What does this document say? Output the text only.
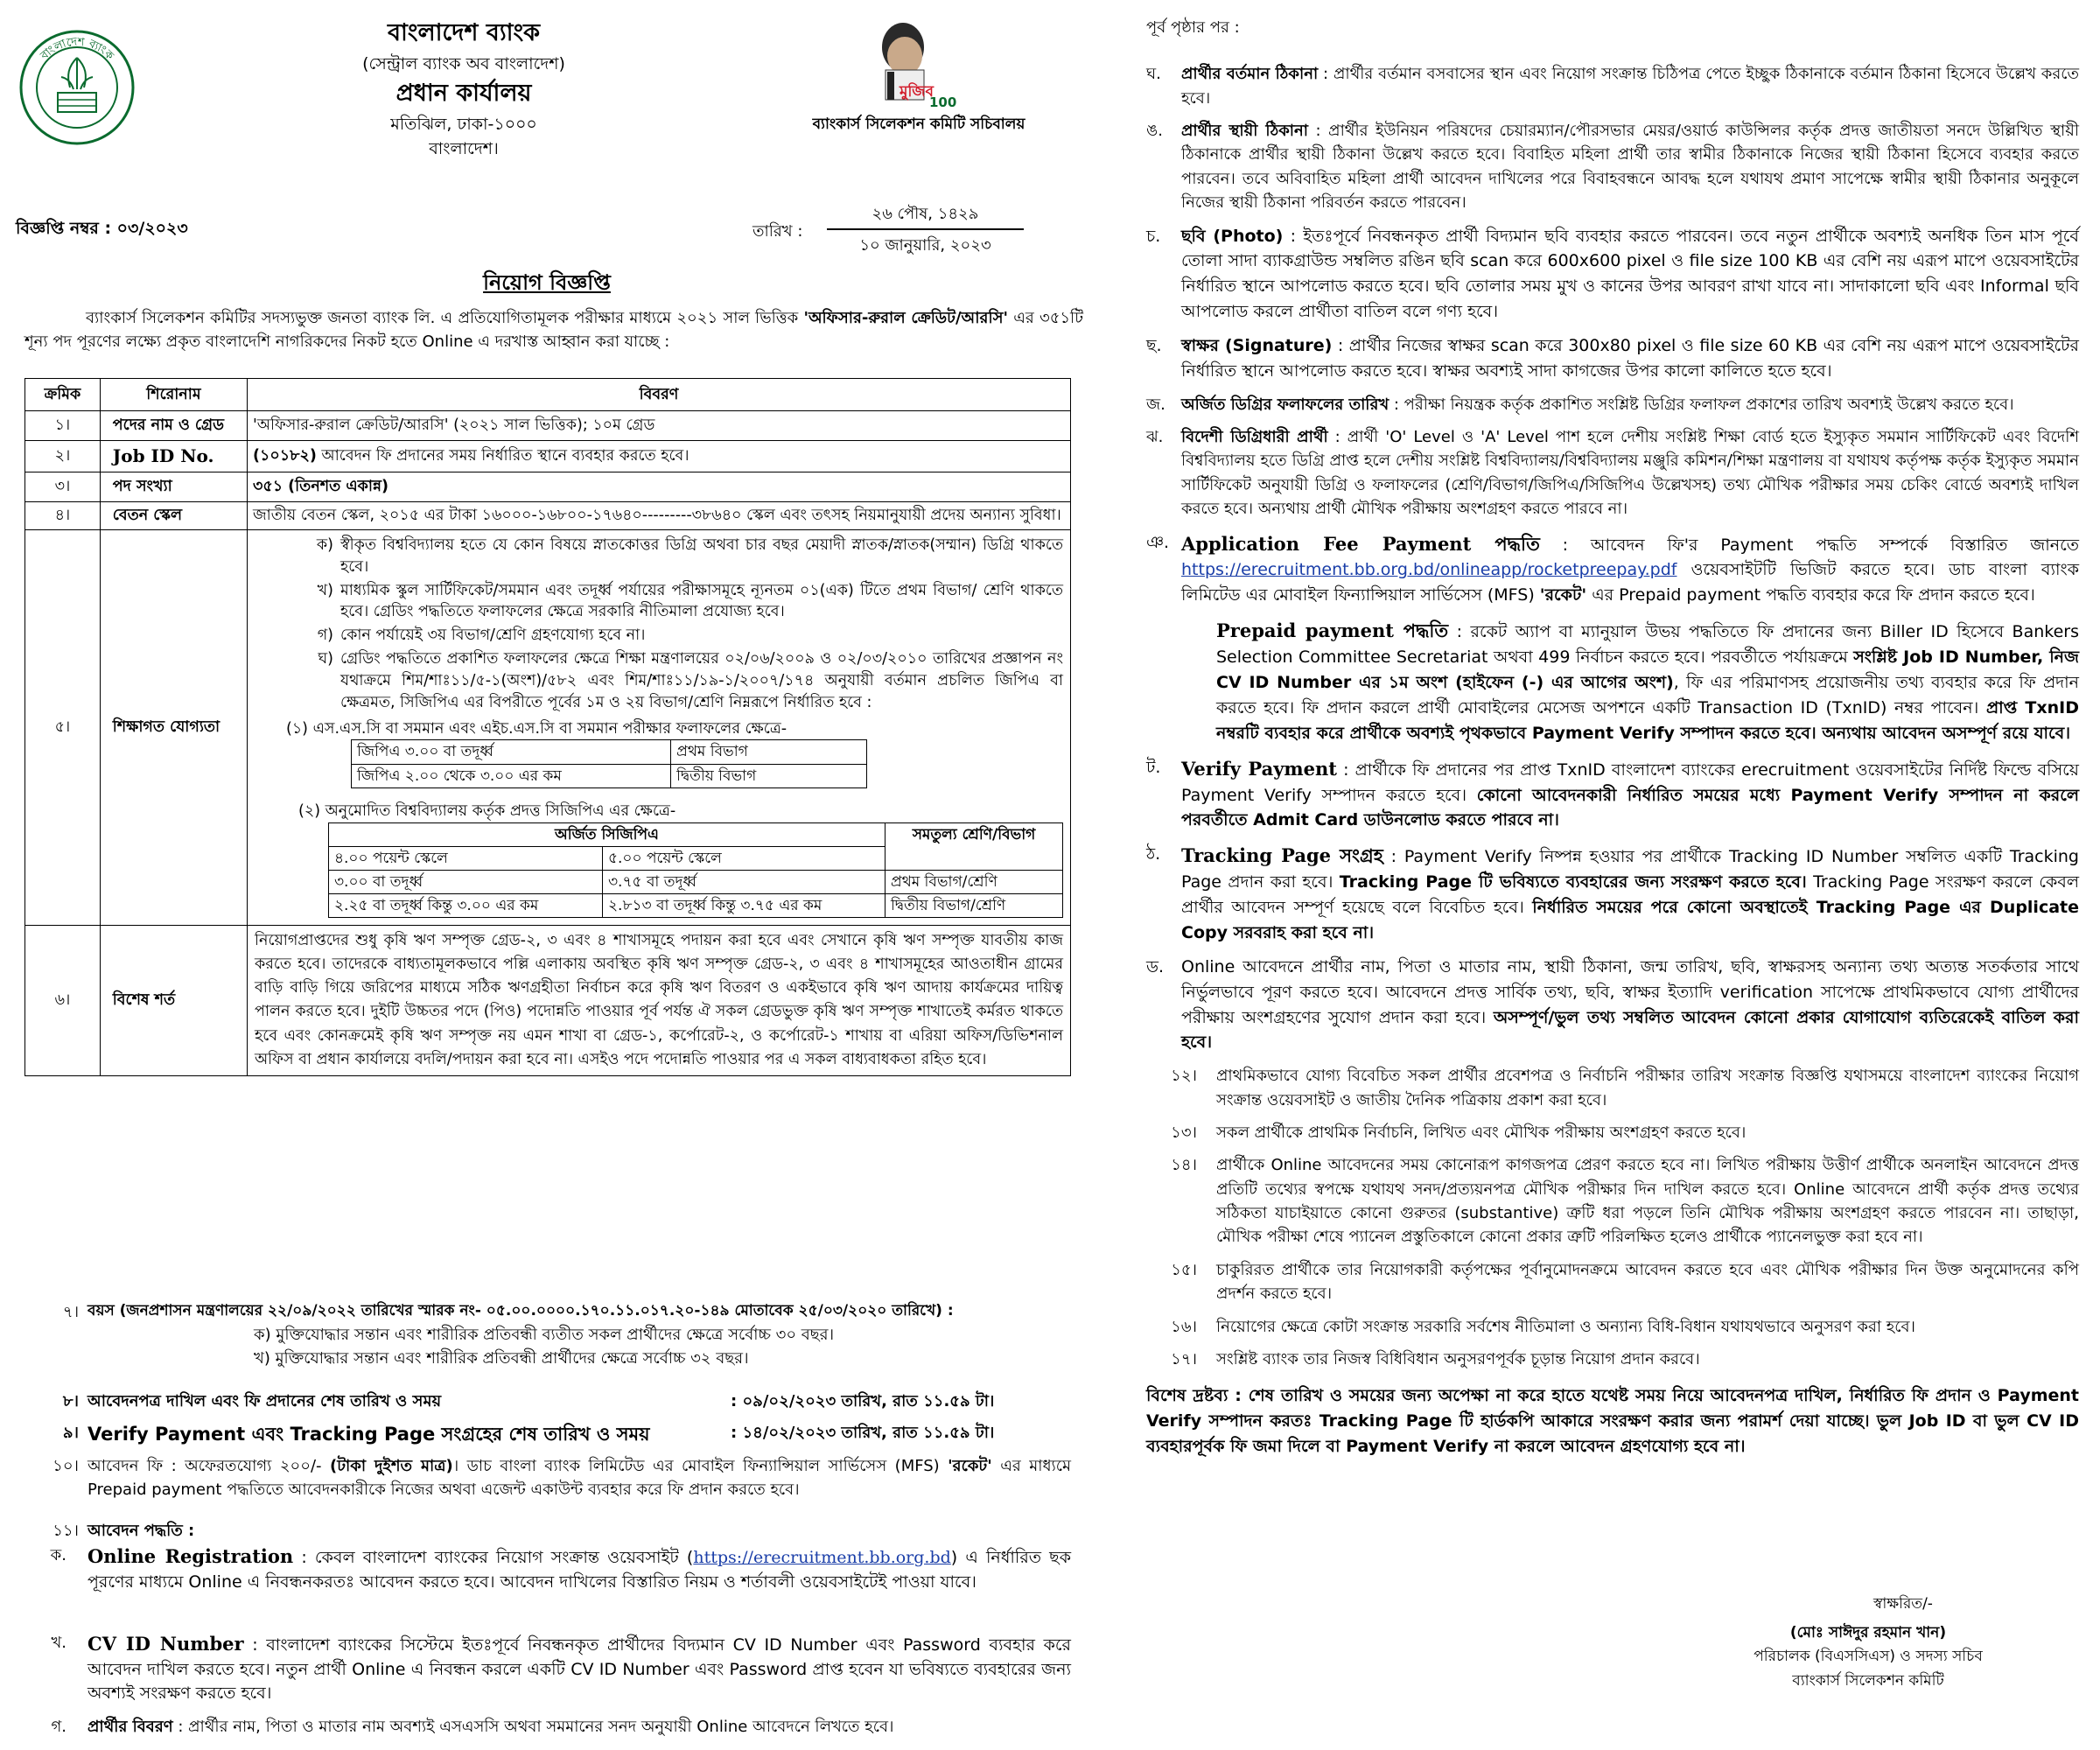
বাংলাদেশ ব্যাংক
বাংলাদেশ ব্যাংক
(সেন্ট্রাল ব্যাংক অব বাংলাদেশ)
প্রধান কার্যালয়
মতিঝিল, ঢাকা-১০০০
বাংলাদেশ।
মুজিব
100
ব্যাংকার্স সিলেকশন কমিটি সচিবালয়
বিজ্ঞপ্তি নম্বর : ০৩/২০২৩	তারিখ :
২৬ পৌষ, ১৪২৯
১০ জানুয়ারি, ২০২৩
নিয়োগ বিজ্ঞপ্তি

ব্যাংকার্স সিলেকশন কমিটির সদস্যভুক্ত জনতা ব্যাংক লি. এ প্রতিযোগিতামূলক পরীক্ষার মাধ্যমে ২০২১ সাল ভিত্তিক 'অফিসার-রুরাল ক্রেডিট/আরসি' এর ৩৫১টি শূন্য পদ পূরণের লক্ষ্যে প্রকৃত বাংলাদেশি নাগরিকদের নিকট হতে Online এ দরখাস্ত আহ্বান করা যাচ্ছে :

ক্রমিক	শিরোনাম	বিবরণ
১।	পদের নাম ও গ্রেড	'অফিসার-রুরাল ক্রেডিট/আরসি' (২০২১ সাল ভিত্তিক); ১০ম গ্রেড
২।	Job ID No.	(১০১৮২) আবেদন ফি প্রদানের সময় নির্ধারিত স্থানে ব্যবহার করতে হবে।
৩।	পদ সংখ্যা	৩৫১ (তিনশত একান্ন)
৪।	বেতন স্কেল	জাতীয় বেতন স্কেল, ২০১৫ এর টাকা ১৬০০০-১৬৮০০-১৭৬৪০---------৩৮৬৪০ স্কেল এবং তৎসহ নিয়মানুযায়ী প্রদেয় অন্যান্য সুবিধা।
৫।	শিক্ষাগত যোগ্যতা	
ক) স্বীকৃত বিশ্ববিদ্যালয় হতে যে কোন বিষয়ে স্নাতকোত্তর ডিগ্রি অথবা চার বছর মেয়াদী স্নাতক/স্নাতক(সম্মান) ডিগ্রি থাকতে হবে।
খ) মাধ্যমিক স্কুল সার্টিফিকেট/সমমান এবং তদূর্ধ্ব পর্যায়ের পরীক্ষাসমূহে ন্যূনতম ০১(এক) টিতে প্রথম বিভাগ/ শ্রেণি থাকতে হবে। গ্রেডিং পদ্ধতিতে ফলাফলের ক্ষেত্রে সরকারি নীতিমালা প্রযোজ্য হবে।
গ) কোন পর্যায়েই ৩য় বিভাগ/শ্রেণি গ্রহণযোগ্য হবে না।
ঘ) গ্রেডিং পদ্ধতিতে প্রকাশিত ফলাফলের ক্ষেত্রে শিক্ষা মন্ত্রণালয়ের ০২/০৬/২০০৯ ও ০২/০৩/২০১০ তারিখের প্রজ্ঞাপন নং যথাক্রমে শিম/শাঃ১১/৫-১(অংশ)/৫৮২ এবং শিম/শাঃ১১/১৯-১/২০০৭/১৭৪ অনুযায়ী বর্তমান প্রচলিত জিপিএ বা ক্ষেত্রমত, সিজিপিএ এর বিপরীতে পূর্বের ১ম ও ২য় বিভাগ/শ্রেণি নিম্নরূপে নির্ধারিত হবে :
(১) এস.এস.সি বা সমমান এবং এইচ.এস.সি বা সমমান পরীক্ষার ফলাফলের ক্ষেত্রে-
জিপিএ ৩.০০ বা তদূর্ধ্ব	প্রথম বিভাগ
জিপিএ ২.০০ থেকে ৩.০০ এর কম	দ্বিতীয় বিভাগ
(২) অনুমোদিত বিশ্ববিদ্যালয় কর্তৃক প্রদত্ত সিজিপিএ এর ক্ষেত্রে-
অর্জিত সিজিপিএ	সমতুল্য শ্রেণি/বিভাগ
৪.০০ পয়েন্ট স্কেলে	৫.০০ পয়েন্ট স্কেলে
৩.০০ বা তদূর্ধ্ব	৩.৭৫ বা তদূর্ধ্ব	প্রথম বিভাগ/শ্রেণি
২.২৫ বা তদূর্ধ্ব কিন্তু ৩.০০ এর কম	২.৮১৩ বা তদূর্ধ্ব কিন্তু ৩.৭৫ এর কম	দ্বিতীয় বিভাগ/শ্রেণি

৬।	বিশেষ শর্ত	নিয়োগপ্রাপ্তদের শুধু কৃষি ঋণ সম্পৃক্ত গ্রেড-২, ৩ এবং ৪ শাখাসমূহে পদায়ন করা হবে এবং সেখানে কৃষি ঋণ সম্পৃক্ত যাবতীয় কাজ করতে হবে। তাদেরকে বাধ্যতামূলকভাবে পল্লি এলাকায় অবস্থিত কৃষি ঋণ সম্পৃক্ত গ্রেড-২, ৩ এবং ৪ শাখাসমূহের আওতাধীন গ্রামের বাড়ি বাড়ি গিয়ে জরিপের মাধ্যমে সঠিক ঋণগ্রহীতা নির্বাচন করে কৃষি ঋণ বিতরণ ও একইভাবে কৃষি ঋণ আদায় কার্যক্রমের দায়িত্ব পালন করতে হবে। দুইটি উচ্চতর পদে (পিও) পদোন্নতি পাওয়ার পূর্ব পর্যন্ত ঐ সকল গ্রেডভুক্ত কৃষি ঋণ সম্পৃক্ত শাখাতেই কর্মরত থাকতে হবে এবং কোনক্রমেই কৃষি ঋণ সম্পৃক্ত নয় এমন শাখা বা গ্রেড-১, কর্পোরেট-২, ও কর্পোরেট-১ শাখায় বা এরিয়া অফিস/ডিভিশনাল অফিস বা প্রধান কার্যালয়ে বদলি/পদায়ন করা হবে না। এসইও পদে পদোন্নতি পাওয়ার পর এ সকল বাধ্যবাধকতা রহিত হবে।
৭। বয়স (জনপ্রশাসন মন্ত্রণালয়ের ২২/০৯/২০২২ তারিখের স্মারক নং- ০৫.০০.০০০০.১৭০.১১.০১৭.২০-১৪৯ মোতাবেক ২৫/০৩/২০২০ তারিখে) :
ক) মুক্তিযোদ্ধার সন্তান এবং শারীরিক প্রতিবন্ধী ব্যতীত সকল প্রার্থীদের ক্ষেত্রে সর্বোচ্চ ৩০ বছর।
খ) মুক্তিযোদ্ধার সন্তান এবং শারীরিক প্রতিবন্ধী প্রার্থীদের ক্ষেত্রে সর্বোচ্চ ৩২ বছর।
৮। আবেদনপত্র দাখিল এবং ফি প্রদানের শেষ তারিখ ও সময়	: ০৯/০২/২০২৩ তারিখ, রাত ১১.৫৯ টা।
৯। Verify Payment এবং Tracking Page সংগ্রহের শেষ তারিখ ও সময়	: ১৪/০২/২০২৩ তারিখ, রাত ১১.৫৯ টা।
১০। আবেদন ফি : অফেরতযোগ্য ২০০/- (টাকা দুইশত মাত্র)। ডাচ বাংলা ব্যাংক লিমিটেড এর মোবাইল ফিন্যান্সিয়াল সার্ভিসেস (MFS) 'রকেট' এর মাধ্যমে Prepaid payment পদ্ধতিতে আবেদনকারীকে নিজের অথবা এজেন্ট একাউন্ট ব্যবহার করে ফি প্রদান করতে হবে।
১১। আবেদন পদ্ধতি :
ক. Online Registration : কেবল বাংলাদেশ ব্যাংকের নিয়োগ সংক্রান্ত ওয়েবসাইট (https://erecruitment.bb.org.bd) এ নির্ধারিত ছক পূরণের মাধ্যমে Online এ নিবন্ধনকরতঃ আবেদন করতে হবে। আবেদন দাখিলের বিস্তারিত নিয়ম ও শর্তাবলী ওয়েবসাইটেই পাওয়া যাবে।
খ. CV ID Number : বাংলাদেশ ব্যাংকের সিস্টেমে ইতঃপূর্বে নিবন্ধনকৃত প্রার্থীদের বিদ্যমান CV ID Number এবং Password ব্যবহার করে আবেদন দাখিল করতে হবে। নতুন প্রার্থী Online এ নিবন্ধন করলে একটি CV ID Number এবং Password প্রাপ্ত হবেন যা ভবিষ্যতে ব্যবহারের জন্য অবশ্যই সংরক্ষণ করতে হবে।
গ. প্রার্থীর বিবরণ : প্রার্থীর নাম, পিতা ও মাতার নাম অবশ্যই এসএসসি অথবা সমমানের সনদ অনুযায়ী Online আবেদনে লিখতে হবে।
পূর্ব পৃষ্ঠার পর :
ঘ. প্রার্থীর বর্তমান ঠিকানা : প্রার্থীর বর্তমান বসবাসের স্থান এবং নিয়োগ সংক্রান্ত চিঠিপত্র পেতে ইচ্ছুক ঠিকানাকে বর্তমান ঠিকানা হিসেবে উল্লেখ করতে হবে।
ঙ. প্রার্থীর স্থায়ী ঠিকানা : প্রার্থীর ইউনিয়ন পরিষদের চেয়ারম্যান/পৌরসভার মেয়র/ওয়ার্ড কাউন্সিলর কর্তৃক প্রদত্ত জাতীয়তা সনদে উল্লিখিত স্থায়ী ঠিকানাকে প্রার্থীর স্থায়ী ঠিকানা উল্লেখ করতে হবে। বিবাহিত মহিলা প্রার্থী তার স্বামীর ঠিকানাকে নিজের স্থায়ী ঠিকানা হিসেবে ব্যবহার করতে পারবেন। তবে অবিবাহিত মহিলা প্রার্থী আবেদন দাখিলের পরে বিবাহবন্ধনে আবদ্ধ হলে যথাযথ প্রমাণ সাপেক্ষে স্বামীর স্থায়ী ঠিকানার অনুকূলে নিজের স্থায়ী ঠিকানা পরিবর্তন করতে পারবেন।
চ. ছবি (Photo) : ইতঃপূর্বে নিবন্ধনকৃত প্রার্থী বিদ্যমান ছবি ব্যবহার করতে পারবেন। তবে নতুন প্রার্থীকে অবশ্যই অনধিক তিন মাস পূর্বে তোলা সাদা ব্যাকগ্রাউন্ড সম্বলিত রঙিন ছবি scan করে 600x600 pixel ও file size 100 KB এর বেশি নয় এরূপ মাপে ওয়েবসাইটের নির্ধারিত স্থানে আপলোড করতে হবে। ছবি তোলার সময় মুখ ও কানের উপর আবরণ রাখা যাবে না। সাদাকালো ছবি এবং Informal ছবি আপলোড করলে প্রার্থীতা বাতিল বলে গণ্য হবে।
ছ. স্বাক্ষর (Signature) : প্রার্থীর নিজের স্বাক্ষর scan করে 300x80 pixel ও file size 60 KB এর বেশি নয় এরূপ মাপে ওয়েবসাইটের নির্ধারিত স্থানে আপলোড করতে হবে। স্বাক্ষর অবশ্যই সাদা কাগজের উপর কালো কালিতে হতে হবে।
জ. অর্জিত ডিগ্রির ফলাফলের তারিখ : পরীক্ষা নিয়ন্ত্রক কর্তৃক প্রকাশিত সংশ্লিষ্ট ডিগ্রির ফলাফল প্রকাশের তারিখ অবশ্যই উল্লেখ করতে হবে।
ঝ. বিদেশী ডিগ্রিধারী প্রার্থী : প্রার্থী 'O' Level ও 'A' Level পাশ হলে দেশীয় সংশ্লিষ্ট শিক্ষা বোর্ড হতে ইস্যুকৃত সমমান সার্টিফিকেট এবং বিদেশি বিশ্ববিদ্যালয় হতে ডিগ্রি প্রাপ্ত হলে দেশীয় সংশ্লিষ্ট বিশ্ববিদ্যালয়/বিশ্ববিদ্যালয় মঞ্জুরি কমিশন/শিক্ষা মন্ত্রণালয় বা যথাযথ কর্তৃপক্ষ কর্তৃক ইস্যুকৃত সমমান সার্টিফিকেট অনুযায়ী ডিগ্রি ও ফলাফলের (শ্রেণি/বিভাগ/জিপিএ/সিজিপিএ উল্লেখসহ) তথ্য মৌখিক পরীক্ষার সময় চেকিং বোর্ডে অবশ্যই দাখিল করতে হবে। অন্যথায় প্রার্থী মৌখিক পরীক্ষায় অংশগ্রহণ করতে পারবে না।
ঞ. Application Fee Payment পদ্ধতি : আবেদন ফি'র Payment পদ্ধতি সম্পর্কে বিস্তারিত জানতে https://erecruitment.bb.org.bd/onlineapp/rocketpreepay.pdf ওয়েবসাইটটি ভিজিট করতে হবে। ডাচ বাংলা ব্যাংক লিমিটেড এর মোবাইল ফিন্যান্সিয়াল সার্ভিসেস (MFS) 'রকেট' এর Prepaid payment পদ্ধতি ব্যবহার করে ফি প্রদান করতে হবে।
Prepaid payment পদ্ধতি : রকেট অ্যাপ বা ম্যানুয়াল উভয় পদ্ধতিতে ফি প্রদানের জন্য Biller ID হিসেবে Bankers Selection Committee Secretariat অথবা 499 নির্বাচন করতে হবে। পরবর্তীতে পর্যায়ক্রমে সংশ্লিষ্ট Job ID Number, নিজ CV ID Number এর ১ম অংশ (হাইফেন (-) এর আগের অংশ), ফি এর পরিমাণসহ প্রয়োজনীয় তথ্য ব্যবহার করে ফি প্রদান করতে হবে। ফি প্রদান করলে প্রার্থী মোবাইলের মেসেজ অপশনে একটি Transaction ID (TxnID) নম্বর পাবেন। প্রাপ্ত TxnID নম্বরটি ব্যবহার করে প্রার্থীকে অবশ্যই পৃথকভাবে Payment Verify সম্পাদন করতে হবে। অন্যথায় আবেদন অসম্পূর্ণ রয়ে যাবে।
ট. Verify Payment : প্রার্থীকে ফি প্রদানের পর প্রাপ্ত TxnID বাংলাদেশ ব্যাংকের erecruitment ওয়েবসাইটের নির্দিষ্ট ফিল্ডে বসিয়ে Payment Verify সম্পাদন করতে হবে। কোনো আবেদনকারী নির্ধারিত সময়ের মধ্যে Payment Verify সম্পাদন না করলে পরবর্তীতে Admit Card ডাউনলোড করতে পারবে না।
ঠ. Tracking Page সংগ্রহ : Payment Verify নিষ্পন্ন হওয়ার পর প্রার্থীকে Tracking ID Number সম্বলিত একটি Tracking Page প্রদান করা হবে। Tracking Page টি ভবিষ্যতে ব্যবহারের জন্য সংরক্ষণ করতে হবে। Tracking Page সংরক্ষণ করলে কেবল প্রার্থীর আবেদন সম্পূর্ণ হয়েছে বলে বিবেচিত হবে। নির্ধারিত সময়ের পরে কোনো অবস্থাতেই Tracking Page এর Duplicate Copy সরবরাহ করা হবে না।
ড. Online আবেদনে প্রার্থীর নাম, পিতা ও মাতার নাম, স্থায়ী ঠিকানা, জন্ম তারিখ, ছবি, স্বাক্ষরসহ অন্যান্য তথ্য অত্যন্ত সতর্কতার সাথে নির্ভুলভাবে পূরণ করতে হবে। আবেদনে প্রদত্ত সার্বিক তথ্য, ছবি, স্বাক্ষর ইত্যাদি verification সাপেক্ষে প্রাথমিকভাবে যোগ্য প্রার্থীদের পরীক্ষায় অংশগ্রহণের সুযোগ প্রদান করা হবে। অসম্পূর্ণ/ভুল তথ্য সম্বলিত আবেদন কোনো প্রকার যোগাযোগ ব্যতিরেকেই বাতিল করা হবে।
১২। প্রাথমিকভাবে যোগ্য বিবেচিত সকল প্রার্থীর প্রবেশপত্র ও নির্বাচনি পরীক্ষার তারিখ সংক্রান্ত বিজ্ঞপ্তি যথাসময়ে বাংলাদেশ ব্যাংকের নিয়োগ সংক্রান্ত ওয়েবসাইট ও জাতীয় দৈনিক পত্রিকায় প্রকাশ করা হবে।
১৩। সকল প্রার্থীকে প্রাথমিক নির্বাচনি, লিখিত এবং মৌখিক পরীক্ষায় অংশগ্রহণ করতে হবে।
১৪। প্রার্থীকে Online আবেদনের সময় কোনোরূপ কাগজপত্র প্রেরণ করতে হবে না। লিখিত পরীক্ষায় উত্তীর্ণ প্রার্থীকে অনলাইন আবেদনে প্রদত্ত প্রতিটি তথ্যের স্বপক্ষে যথাযথ সনদ/প্রত্যয়নপত্র মৌখিক পরীক্ষার দিন দাখিল করতে হবে। Online আবেদনে প্রার্থী কর্তৃক প্রদত্ত তথ্যের সঠিকতা যাচাইয়াতে কোনো গুরুতর (substantive) ত্রুটি ধরা পড়লে তিনি মৌখিক পরীক্ষায় অংশগ্রহণ করতে পারবেন না। তাছাড়া, মৌখিক পরীক্ষা শেষে প্যানেল প্রস্তুতিকালে কোনো প্রকার ত্রুটি পরিলক্ষিত হলেও প্রার্থীকে প্যানেলভুক্ত করা হবে না।
১৫। চাকুরিরত প্রার্থীকে তার নিয়োগকারী কর্তৃপক্ষের পূর্বানুমোদনক্রমে আবেদন করতে হবে এবং মৌখিক পরীক্ষার দিন উক্ত অনুমোদনের কপি প্রদর্শন করতে হবে।
১৬। নিয়োগের ক্ষেত্রে কোটা সংক্রান্ত সরকারি সর্বশেষ নীতিমালা ও অন্যান্য বিধি-বিধান যথাযথভাবে অনুসরণ করা হবে।
১৭। সংশ্লিষ্ট ব্যাংক তার নিজস্ব বিধিবিধান অনুসরণপূর্বক চূড়ান্ত নিয়োগ প্রদান করবে।

বিশেষ দ্রষ্টব্য : শেষ তারিখ ও সময়ের জন্য অপেক্ষা না করে হাতে যথেষ্ট সময় নিয়ে আবেদনপত্র দাখিল, নির্ধারিত ফি প্রদান ও Payment Verify সম্পাদন করতঃ Tracking Page টি হার্ডকপি আকারে সংরক্ষণ করার জন্য পরামর্শ দেয়া যাচ্ছে। ভুল Job ID বা ভুল CV ID ব্যবহারপূর্বক ফি জমা দিলে বা Payment Verify না করলে আবেদন গ্রহণযোগ্য হবে না।

স্বাক্ষরিত/-
(মোঃ সাঈদুর রহমান খান)
পরিচালক (বিএসসিএস) ও সদস্য সচিব
ব্যাংকার্স সিলেকশন কমিটি
